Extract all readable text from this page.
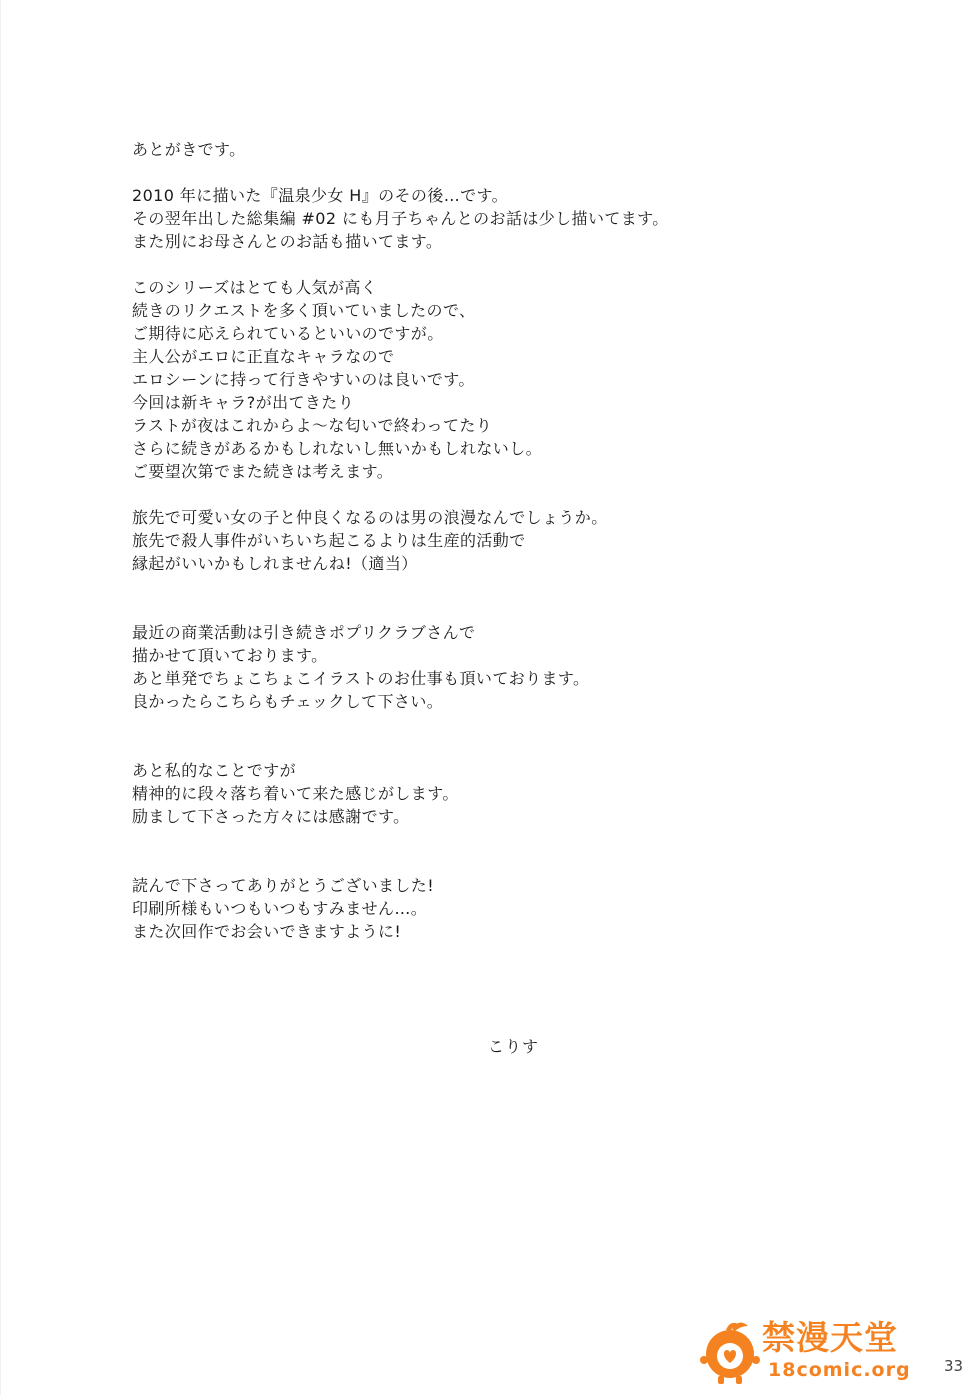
あとがきです。
2010 年に描いた『温泉少女 H』のその後…です。
その翌年出した総集編 #02 にも月子ちゃんとのお話は少し描いてます。
また別にお母さんとのお話も描いてます。
このシリーズはとても人気が高く
続きのリクエストを多く頂いていましたので、
ご期待に応えられているといいのですが。
主人公がエロに正直なキャラなので
エロシーンに持って行きやすいのは良いです。
今回は新キャラ?が出てきたり
ラストが夜はこれからよ～な匂いで終わってたり
さらに続きがあるかもしれないし無いかもしれないし。
ご要望次第でまた続きは考えます。
旅先で可愛い女の子と仲良くなるのは男の浪漫なんでしょうか。
旅先で殺人事件がいちいち起こるよりは生産的活動で
縁起がいいかもしれませんね!（適当）
最近の商業活動は引き続きポプリクラブさんで
描かせて頂いております。
あと単発でちょこちょこイラストのお仕事も頂いております。
良かったらこちらもチェックして下さい。
あと私的なことですが
精神的に段々落ち着いて来た感じがします。
励まして下さった方々には感謝です。
読んで下さってありがとうございました!
印刷所様もいつもいつもすみません…。
また次回作でお会いできますように!
こりす
禁漫天堂
18comic.org 33
